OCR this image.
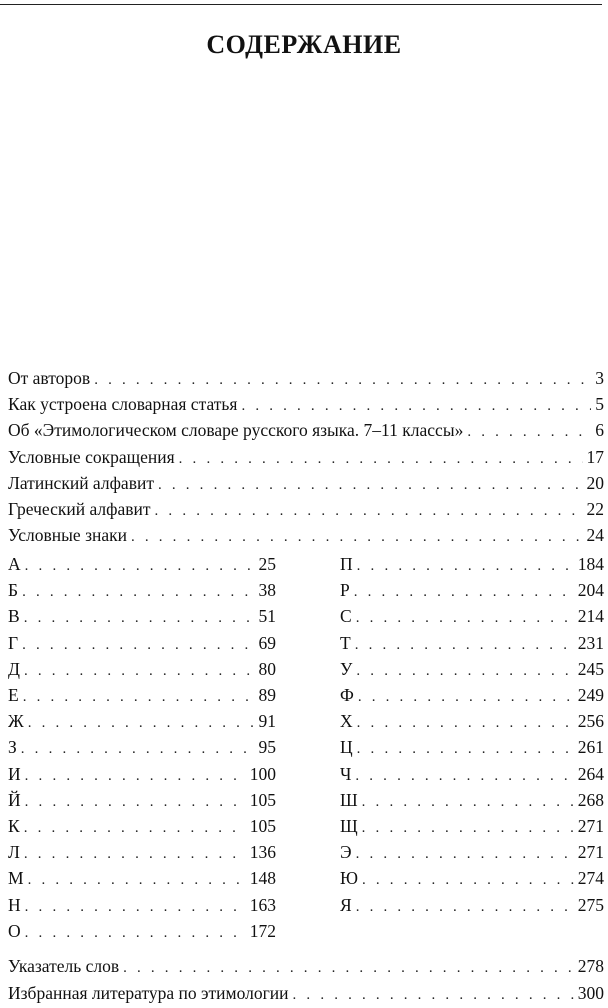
СОДЕРЖАНИЕ
От авторов . . .	3
Как устроена словарная статья . . .	5
Об «Этимологическом словаре русского языка. 7–11 классы» . . .	6
Условные сокращения . . .	17
Латинский алфавит . . .	20
Греческий алфавит . . .	22
Условные знаки . . .	24
А . . .	25
Б . . .	38
В . . .	51
Г . . .	69
Д . . .	80
Е . . .	89
Ж . . .	91
З . . .	95
И . . .	100
Й . . .	105
К . . .	105
Л . . .	136
М . . .	148
Н . . .	163
О . . .	172
П . . .	184
Р . . .	204
С . . .	214
Т . . .	231
У . . .	245
Ф . . .	249
Х . . .	256
Ц . . .	261
Ч . . .	264
Ш . . .	268
Щ . . .	271
Э . . .	271
Ю . . .	274
Я . . .	275
Указатель слов . . .	278
Избранная литература по этимологии . . .	300
